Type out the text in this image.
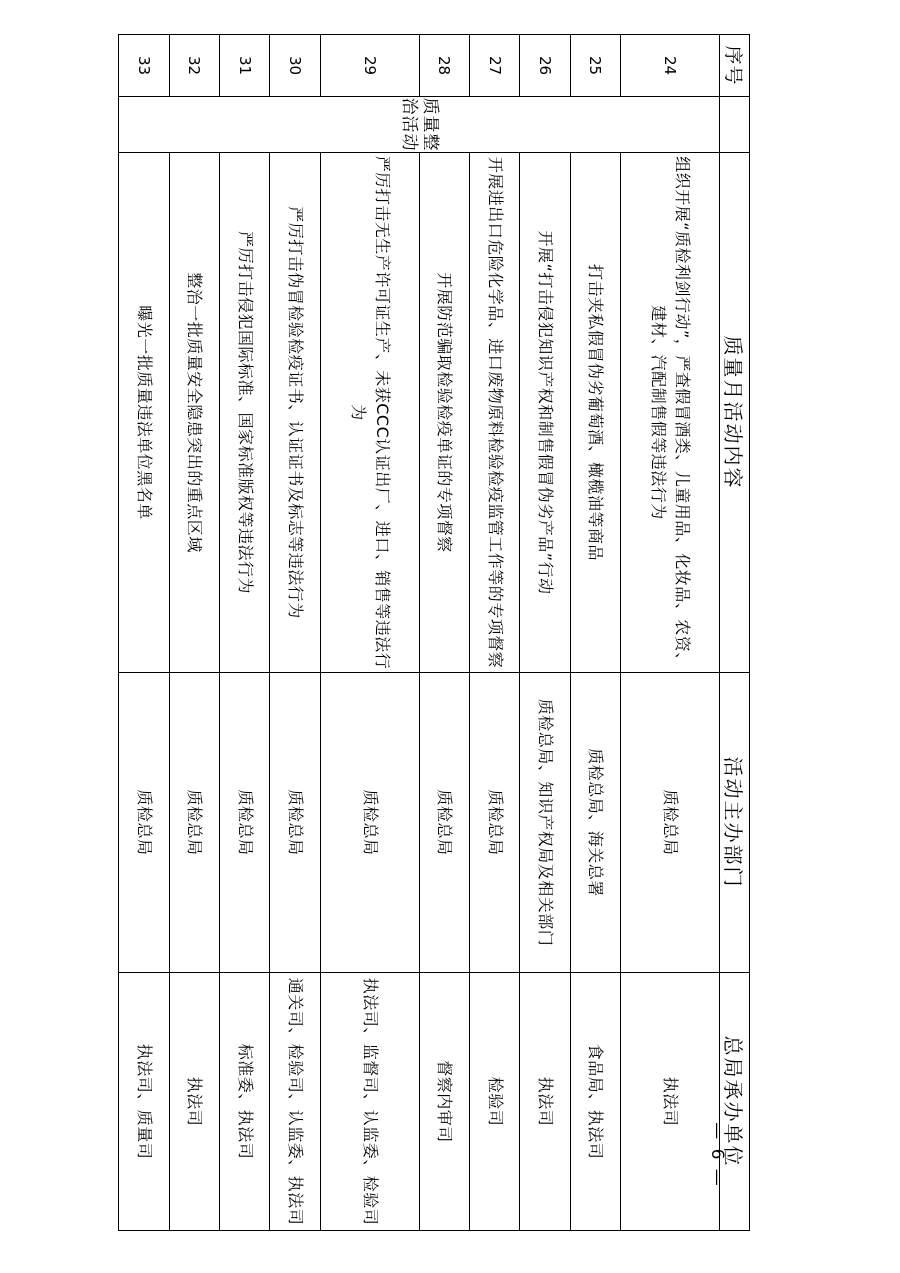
序号		质量月活动内容	活动主办部门	总局承办单位
24	质量整治活动	组织开展“质检利剑行动”，严查假冒酒类、儿童用品、化妆品、农资、建材、汽配制售假等违法行为	质检总局	执法司
25		打击夹私假冒伪劣葡萄酒、橄榄油等商品	质检总局、海关总署	食品局、执法司
26		开展“打击侵犯知识产权和制售假冒伪劣产品”行动	质检总局、知识产权局及相关部门	执法司
27		开展进出口危险化学品、进口废物原料检验检疫监管工作等的专项督察	质检总局	检验司
28		开展防范骗取检验检疫单证的专项督察	质检总局	督察内审司
29		严厉打击无生产许可证生产、未获CCC认证出厂、进口、销售等违法行为	质检总局	执法司、监督司、认监委、检验司
30		严厉打击伪冒检验检疫证书、认证证书及标志等违法行为	质检总局	通关司、检验司、认监委、执法司
31		严厉打击侵犯国际标准、国家标准版权等违法行为	质检总局	标准委、执法司
32		整治一批质量安全隐患突出的重点区域	质检总局	执法司
33		曝光一批质量违法单位黑名单	质检总局	执法司、质量司	— 6 —
